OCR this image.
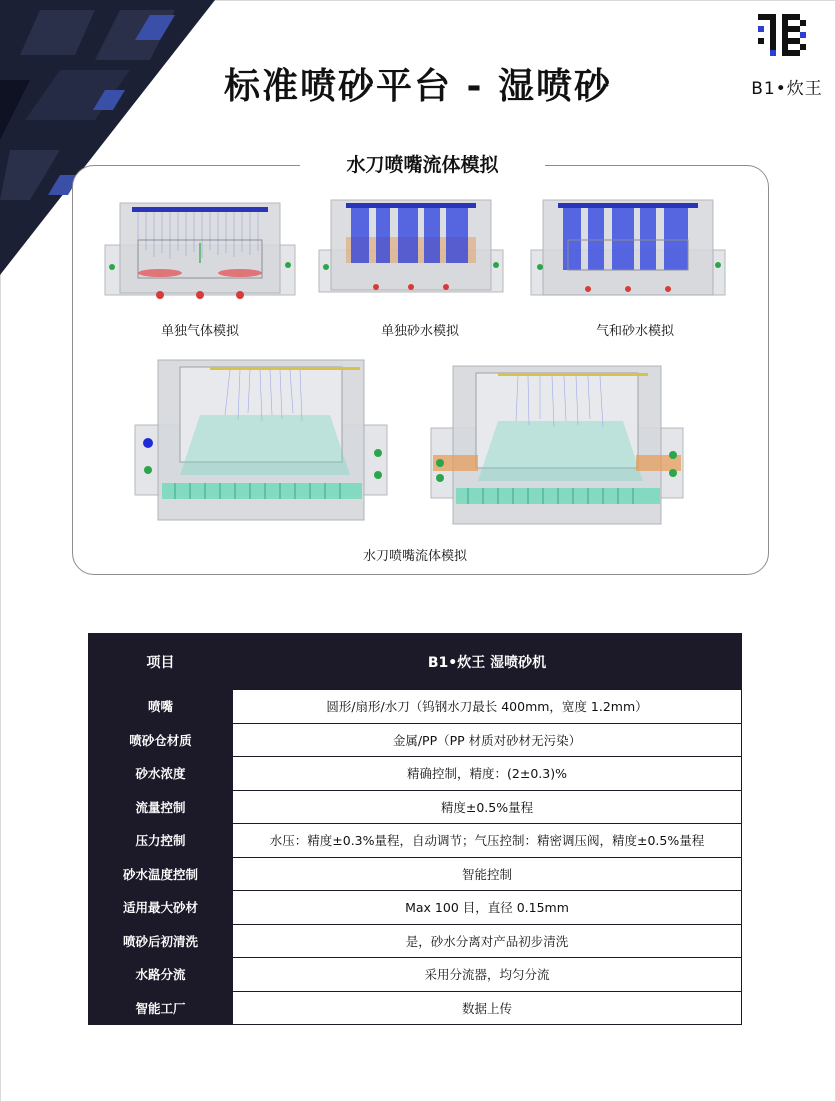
B1•炊王
标准喷砂平台 - 湿喷砂
水刀喷嘴流体模拟
单独气体模拟	单独砂水模拟	气和砂水模拟
水刀喷嘴流体模拟
项目	B1•炊王 湿喷砂机
喷嘴	圆形/扇形/水刀（钨钢水刀最长 400mm，宽度 1.2mm）
喷砂仓材质	金属/PP（PP 材质对砂材无污染）
砂水浓度	精确控制，精度：(2±0.3)%
流量控制	精度±0.5%量程
压力控制	水压：精度±0.3%量程，自动调节；气压控制：精密调压阀，精度±0.5%量程
砂水温度控制	智能控制
适用最大砂材	Max 100 目，直径 0.15mm
喷砂后初清洗	是，砂水分离对产品初步清洗
水路分流	采用分流器，均匀分流
智能工厂	数据上传
